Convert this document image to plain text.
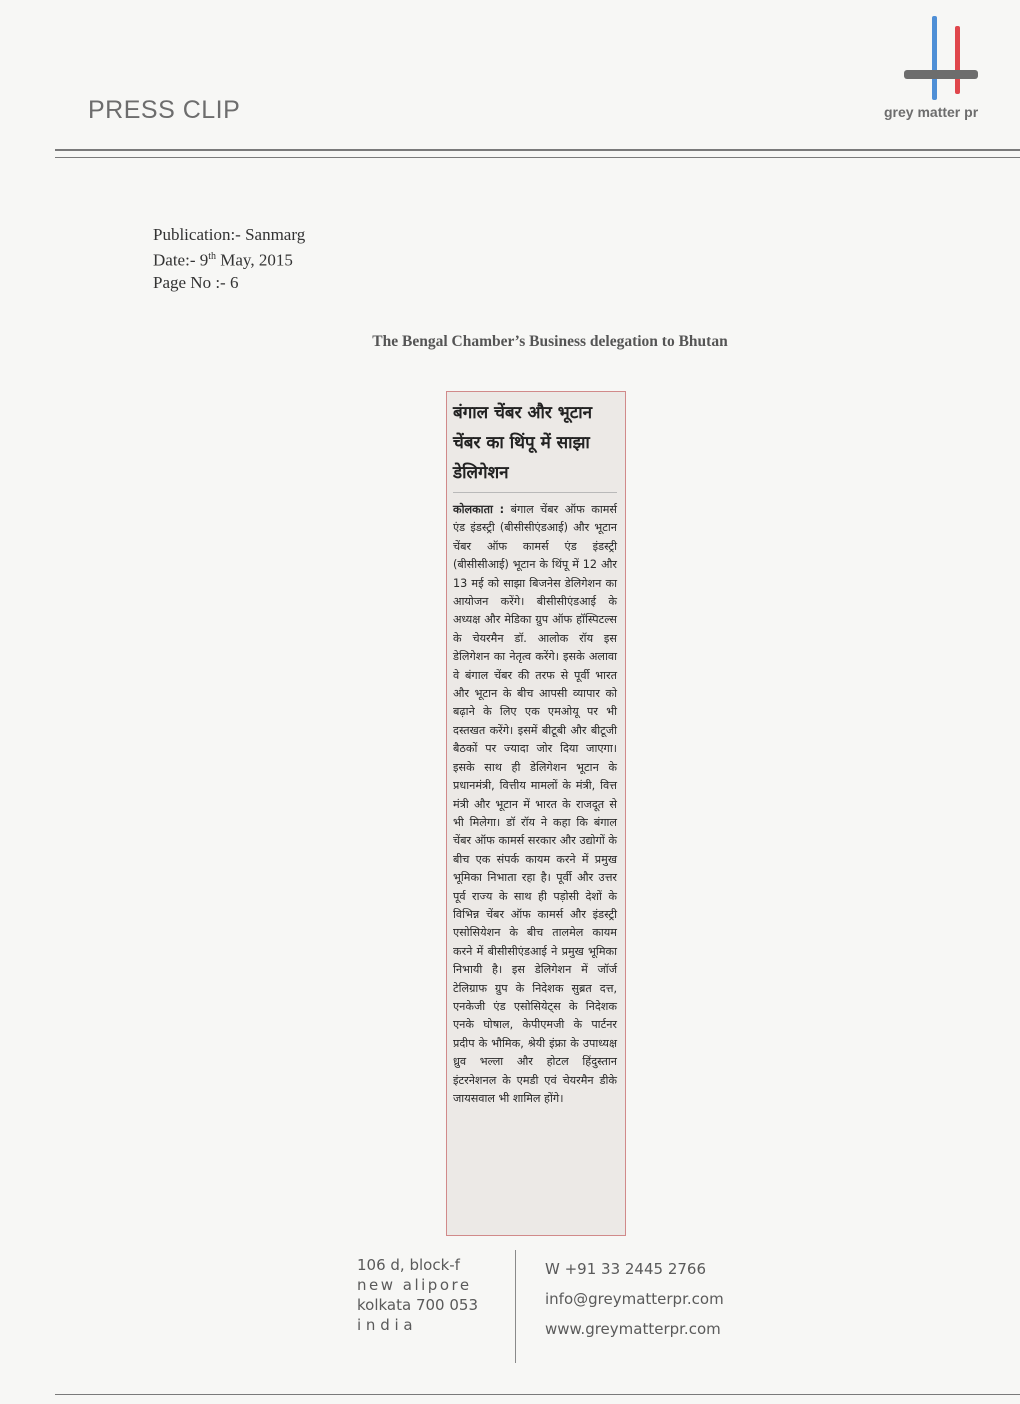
PRESS CLIP	grey matter pr
Publication:- Sanmarg
Date:- 9th May, 2015
Page No :- 6
The Bengal Chamber’s Business delegation to Bhutan
बंगाल चेंबर और भूटान चेंबर का थिंपू में साझा डेलिगेशन

कोलकाता : बंगाल चेंबर ऑफ कामर्स एंड इंडस्ट्री (बीसीसीएंडआई) और भूटान चेंबर ऑफ कामर्स एंड इंडस्ट्री (बीसीसीआई) भूटान के थिंपू में 12 और 13 मई को साझा बिजनेस डेलिगेशन का आयोजन करेंगे। बीसीसीएंडआई के अध्यक्ष और मेडिका ग्रुप ऑफ हॉस्पिटल्स के चेयरमैन डॉ. आलोक रॉय इस डेलिगेशन का नेतृत्व करेंगे। इसके अलावा वे बंगाल चेंबर की तरफ से पूर्वी भारत और भूटान के बीच आपसी व्यापार को बढ़ाने के लिए एक एमओयू पर भी दस्तखत करेंगे। इसमें बीटूबी और बीटूजी बैठकों पर ज्यादा जोर दिया जाएगा। इसके साथ ही डेलिगेशन भूटान के प्रधानमंत्री, वित्तीय मामलों के मंत्री, वित्त मंत्री और भूटान में भारत के राजदूत से भी मिलेगा। डॉ रॉय ने कहा कि बंगाल चेंबर ऑफ कामर्स सरकार और उद्योगों के बीच एक संपर्क कायम करने में प्रमुख भूमिका निभाता रहा है। पूर्वी और उत्तर पूर्व राज्य के साथ ही पड़ोसी देशों के विभिन्न चेंबर ऑफ कामर्स और इंडस्ट्री एसोसियेशन के बीच तालमेल कायम करने में बीसीसीएंडआई ने प्रमुख भूमिका निभायी है। इस डेलिगेशन में जॉर्ज टेलिग्राफ ग्रुप के निदेशक सुब्रत दत्त, एनकेजी एंड एसोसियेट्स के निदेशक एनके घोषाल, केपीएमजी के पार्टनर प्रदीप के भौमिक, श्रेयी इंफ्रा के उपाध्यक्ष ध्रुव भल्ला और होटल हिंदुस्तान इंटरनेशनल के एमडी एवं चेयरमैन डीके जायसवाल भी शामिल होंगे।

106 d, block-f
new alipore
kolkata 700 053
i n d i a
W +91 33 2445 2766
info@greymatterpr.com
www.greymatterpr.com
